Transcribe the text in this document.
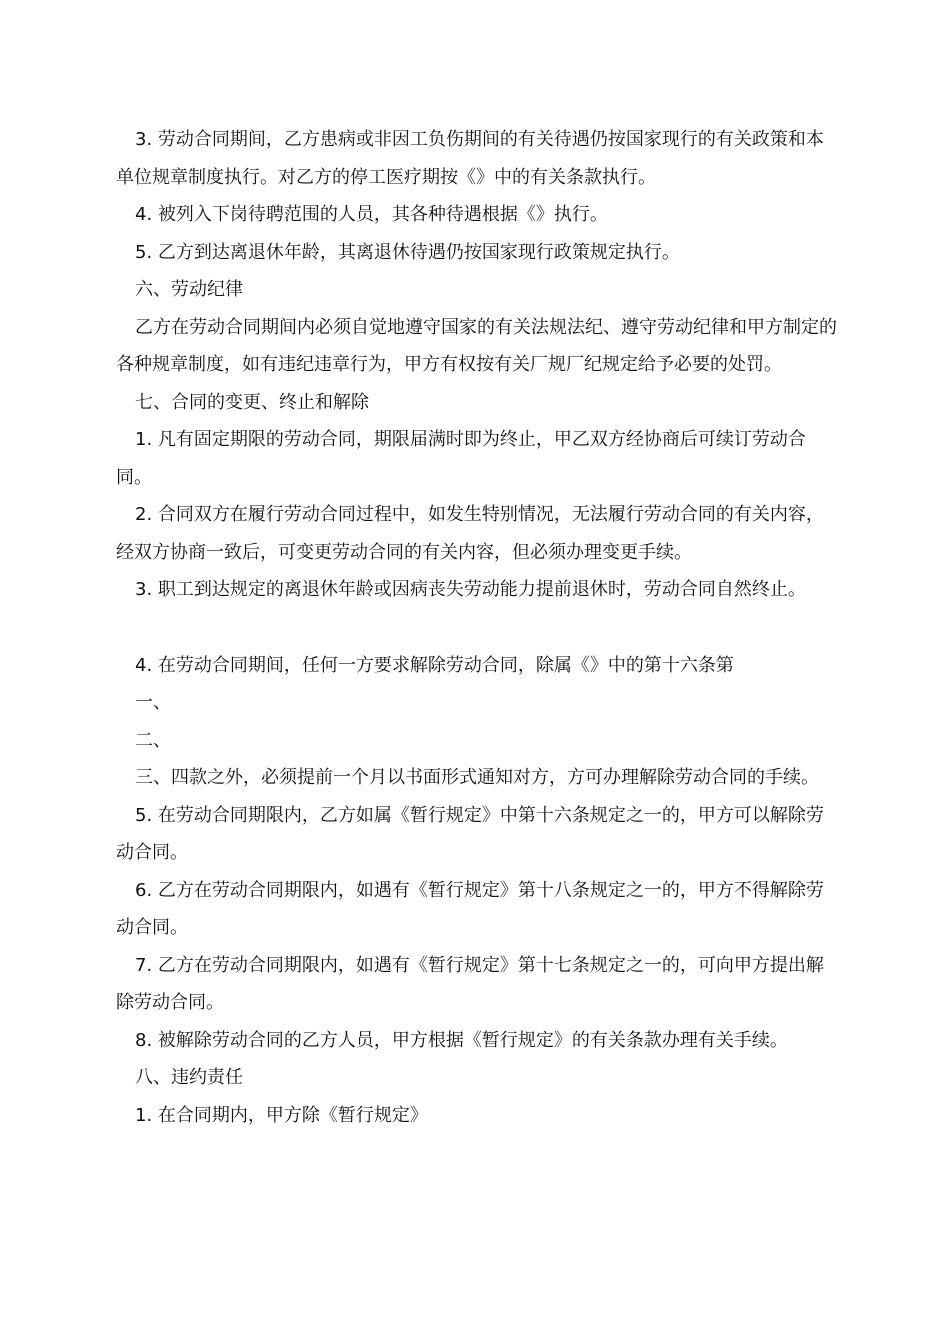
3. 劳动合同期间，乙方患病或非因工负伤期间的有关待遇仍按国家现行的有关政策和本单位规章制度执行。对乙方的停工医疗期按《》中的有关条款执行。

4. 被列入下岗待聘范围的人员，其各种待遇根据《》执行。

5. 乙方到达离退休年龄，其离退休待遇仍按国家现行政策规定执行。

六、劳动纪律

乙方在劳动合同期间内必须自觉地遵守国家的有关法规法纪、遵守劳动纪律和甲方制定的各种规章制度，如有违纪违章行为，甲方有权按有关厂规厂纪规定给予必要的处罚。

七、合同的变更、终止和解除

1. 凡有固定期限的劳动合同，期限届满时即为终止，甲乙双方经协商后可续订劳动合同。

2. 合同双方在履行劳动合同过程中，如发生特别情况，无法履行劳动合同的有关内容，经双方协商一致后，可变更劳动合同的有关内容，但必须办理变更手续。

3. 职工到达规定的离退休年龄或因病丧失劳动能力提前退休时，劳动合同自然终止。

4. 在劳动合同期间，任何一方要求解除劳动合同，除属《》中的第十六条第

一、

二、

三、四款之外，必须提前一个月以书面形式通知对方，方可办理解除劳动合同的手续。

5. 在劳动合同期限内，乙方如属《暂行规定》中第十六条规定之一的，甲方可以解除劳动合同。

6. 乙方在劳动合同期限内，如遇有《暂行规定》第十八条规定之一的，甲方不得解除劳动合同。

7. 乙方在劳动合同期限内，如遇有《暂行规定》第十七条规定之一的，可向甲方提出解除劳动合同。

8. 被解除劳动合同的乙方人员，甲方根据《暂行规定》的有关条款办理有关手续。

八、违约责任

1. 在合同期内，甲方除《暂行规定》
